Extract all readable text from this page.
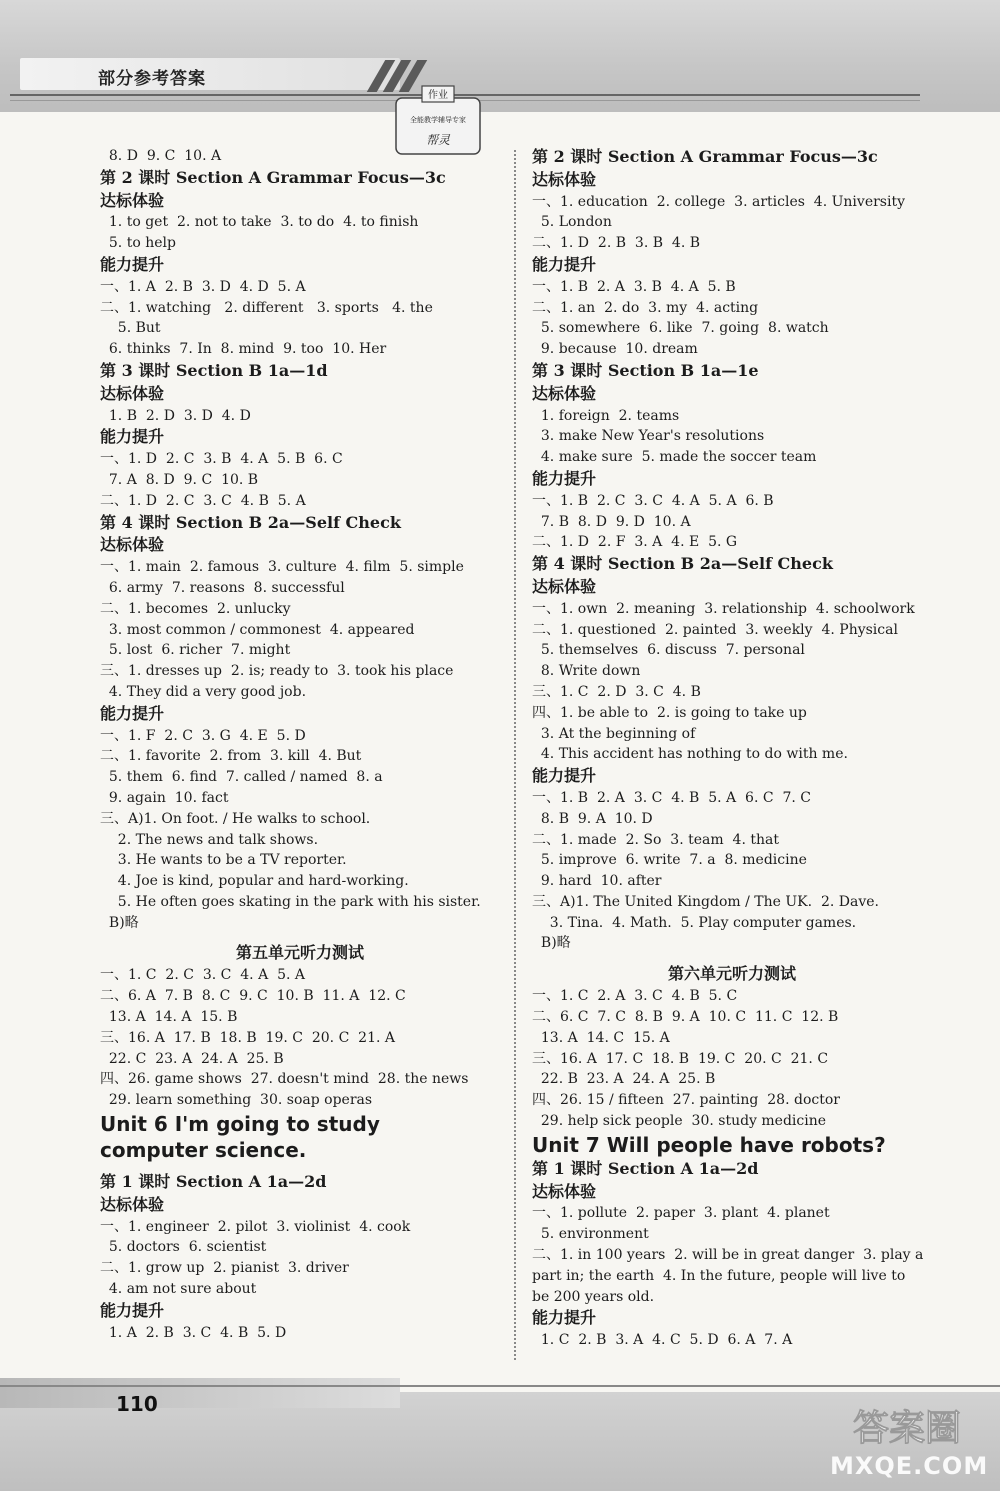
部分参考答案
作业
全能教学辅导专家
帮灵
8. D  9. C  10. A
第 2 课时 Section A Grammar Focus—3c
达标体验
1. to get  2. not to take  3. to do  4. to finish
5. to help
能力提升
一、1. A  2. B  3. D  4. D  5. A
二、1. watching   2. different   3. sports   4. the
5. But
6. thinks  7. In  8. mind  9. too  10. Her
第 3 课时 Section B 1a—1d
达标体验
1. B  2. D  3. D  4. D
能力提升
一、1. D  2. C  3. B  4. A  5. B  6. C
7. A  8. D  9. C  10. B
二、1. D  2. C  3. C  4. B  5. A
第 4 课时 Section B 2a—Self Check
达标体验
一、1. main  2. famous  3. culture  4. film  5. simple
6. army  7. reasons  8. successful
二、1. becomes  2. unlucky
3. most common / commonest  4. appeared
5. lost  6. richer  7. might
三、1. dresses up  2. is; ready to  3. took his place
4. They did a very good job.
能力提升
一、1. F  2. C  3. G  4. E  5. D
二、1. favorite  2. from  3. kill  4. But
5. them  6. find  7. called / named  8. a
9. again  10. fact
三、A)1. On foot. / He walks to school.
2. The news and talk shows.
3. He wants to be a TV reporter.
4. Joe is kind, popular and hard-working.
5. He often goes skating in the park with his sister.
B)略
第五单元听力测试
一、1. C  2. C  3. C  4. A  5. A
二、6. A  7. B  8. C  9. C  10. B  11. A  12. C
13. A  14. A  15. B
三、16. A  17. B  18. B  19. C  20. C  21. A
22. C  23. A  24. A  25. B
四、26. game shows  27. doesn't mind  28. the news
29. learn something  30. soap operas
Unit 6 I'm going to study
computer science.
第 1 课时 Section A 1a—2d
达标体验
一、1. engineer  2. pilot  3. violinist  4. cook
5. doctors  6. scientist
二、1. grow up  2. pianist  3. driver
4. am not sure about
能力提升
1. A  2. B  3. C  4. B  5. D
第 2 课时 Section A Grammar Focus—3c
达标体验
一、1. education  2. college  3. articles  4. University
5. London
二、1. D  2. B  3. B  4. B
能力提升
一、1. B  2. A  3. B  4. A  5. B
二、1. an  2. do  3. my  4. acting
5. somewhere  6. like  7. going  8. watch
9. because  10. dream
第 3 课时 Section B 1a—1e
达标体验
1. foreign  2. teams
3. make New Year's resolutions
4. make sure  5. made the soccer team
能力提升
一、1. B  2. C  3. C  4. A  5. A  6. B
7. B  8. D  9. D  10. A
二、1. D  2. F  3. A  4. E  5. G
第 4 课时 Section B 2a—Self Check
达标体验
一、1. own  2. meaning  3. relationship  4. schoolwork
二、1. questioned  2. painted  3. weekly  4. Physical
5. themselves  6. discuss  7. personal
8. Write down
三、1. C  2. D  3. C  4. B
四、1. be able to  2. is going to take up
3. At the beginning of
4. This accident has nothing to do with me.
能力提升
一、1. B  2. A  3. C  4. B  5. A  6. C  7. C
8. B  9. A  10. D
二、1. made  2. So  3. team  4. that
5. improve  6. write  7. a  8. medicine
9. hard  10. after
三、A)1. The United Kingdom / The UK.  2. Dave.
3. Tina.  4. Math.  5. Play computer games.
B)略
第六单元听力测试
一、1. C  2. A  3. C  4. B  5. C
二、6. C  7. C  8. B  9. A  10. C  11. C  12. B
13. A  14. C  15. A
三、16. A  17. C  18. B  19. C  20. C  21. C
22. B  23. A  24. A  25. B
四、26. 15 / fifteen  27. painting  28. doctor
29. help sick people  30. study medicine
Unit 7 Will people have robots?
第 1 课时 Section A 1a—2d
达标体验
一、1. pollute  2. paper  3. plant  4. planet
5. environment
二、1. in 100 years  2. will be in great danger  3. play a
part in; the earth  4. In the future, people will live to
be 200 years old.
能力提升
1. C  2. B  3. A  4. C  5. D  6. A  7. A
110
答案圈
MXQE.COM
